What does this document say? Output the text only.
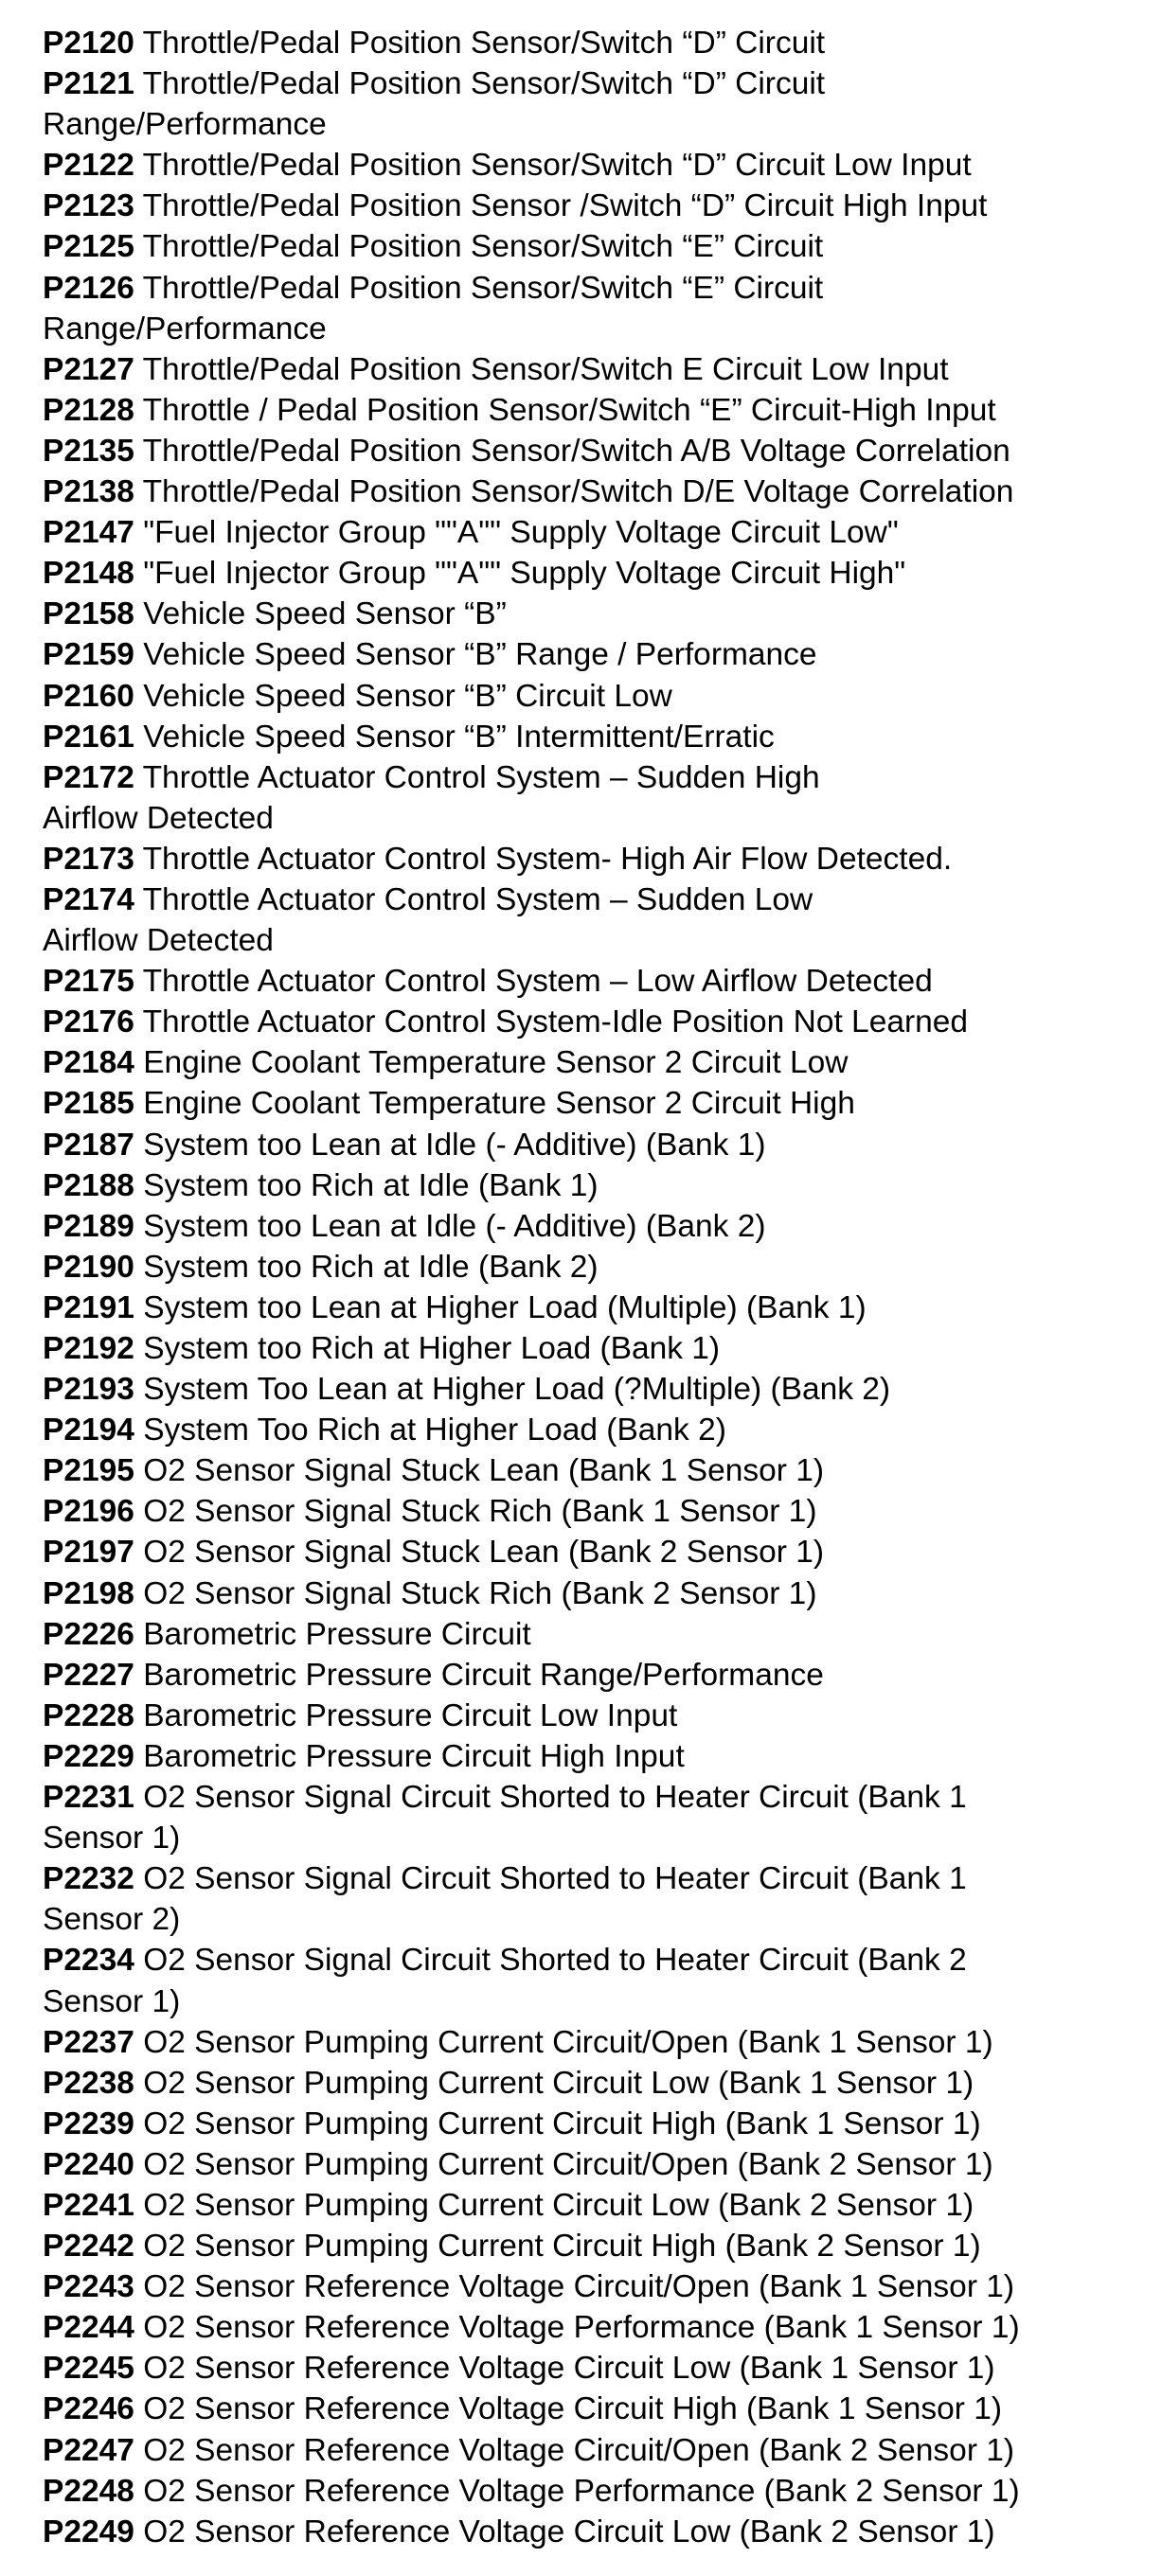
P2120 Throttle/Pedal Position Sensor/Switch “D” Circuit
P2121 Throttle/Pedal Position Sensor/Switch “D” Circuit
Range/Performance
P2122 Throttle/Pedal Position Sensor/Switch “D” Circuit Low Input
P2123 Throttle/Pedal Position Sensor /Switch “D” Circuit High Input
P2125 Throttle/Pedal Position Sensor/Switch “E” Circuit
P2126 Throttle/Pedal Position Sensor/Switch “E” Circuit
Range/Performance
P2127 Throttle/Pedal Position Sensor/Switch E Circuit Low Input
P2128 Throttle / Pedal Position Sensor/Switch “E” Circuit-High Input
P2135 Throttle/Pedal Position Sensor/Switch A/B Voltage Correlation
P2138 Throttle/Pedal Position Sensor/Switch D/E Voltage Correlation
P2147 "Fuel Injector Group ""A"" Supply Voltage Circuit Low"
P2148 "Fuel Injector Group ""A"" Supply Voltage Circuit High"
P2158 Vehicle Speed Sensor “B”
P2159 Vehicle Speed Sensor “B” Range / Performance
P2160 Vehicle Speed Sensor “B” Circuit Low
P2161 Vehicle Speed Sensor “B” Intermittent/Erratic
P2172 Throttle Actuator Control System – Sudden High
Airflow Detected
P2173 Throttle Actuator Control System- High Air Flow Detected.
P2174 Throttle Actuator Control System – Sudden Low
Airflow Detected
P2175 Throttle Actuator Control System – Low Airflow Detected
P2176 Throttle Actuator Control System-Idle Position Not Learned
P2184 Engine Coolant Temperature Sensor 2 Circuit Low
P2185 Engine Coolant Temperature Sensor 2 Circuit High
P2187 System too Lean at Idle (- Additive) (Bank 1)
P2188 System too Rich at Idle (Bank 1)
P2189 System too Lean at Idle (- Additive) (Bank 2)
P2190 System too Rich at Idle (Bank 2)
P2191 System too Lean at Higher Load (Multiple) (Bank 1)
P2192 System too Rich at Higher Load (Bank 1)
P2193 System Too Lean at Higher Load (?Multiple) (Bank 2)
P2194 System Too Rich at Higher Load (Bank 2)
P2195 O2 Sensor Signal Stuck Lean (Bank 1 Sensor 1)
P2196 O2 Sensor Signal Stuck Rich (Bank 1 Sensor 1)
P2197 O2 Sensor Signal Stuck Lean (Bank 2 Sensor 1)
P2198 O2 Sensor Signal Stuck Rich (Bank 2 Sensor 1)
P2226 Barometric Pressure Circuit
P2227 Barometric Pressure Circuit Range/Performance
P2228 Barometric Pressure Circuit Low Input
P2229 Barometric Pressure Circuit High Input
P2231 O2 Sensor Signal Circuit Shorted to Heater Circuit (Bank 1
Sensor 1)
P2232 O2 Sensor Signal Circuit Shorted to Heater Circuit (Bank 1
Sensor 2)
P2234 O2 Sensor Signal Circuit Shorted to Heater Circuit (Bank 2
Sensor 1)
P2237 O2 Sensor Pumping Current Circuit/Open (Bank 1 Sensor 1)
P2238 O2 Sensor Pumping Current Circuit Low (Bank 1 Sensor 1)
P2239 O2 Sensor Pumping Current Circuit High (Bank 1 Sensor 1)
P2240 O2 Sensor Pumping Current Circuit/Open (Bank 2 Sensor 1)
P2241 O2 Sensor Pumping Current Circuit Low (Bank 2 Sensor 1)
P2242 O2 Sensor Pumping Current Circuit High (Bank 2 Sensor 1)
P2243 O2 Sensor Reference Voltage Circuit/Open (Bank 1 Sensor 1)
P2244 O2 Sensor Reference Voltage Performance (Bank 1 Sensor 1)
P2245 O2 Sensor Reference Voltage Circuit Low (Bank 1 Sensor 1)
P2246 O2 Sensor Reference Voltage Circuit High (Bank 1 Sensor 1)
P2247 O2 Sensor Reference Voltage Circuit/Open (Bank 2 Sensor 1)
P2248 O2 Sensor Reference Voltage Performance (Bank 2 Sensor 1)
P2249 O2 Sensor Reference Voltage Circuit Low (Bank 2 Sensor 1)
